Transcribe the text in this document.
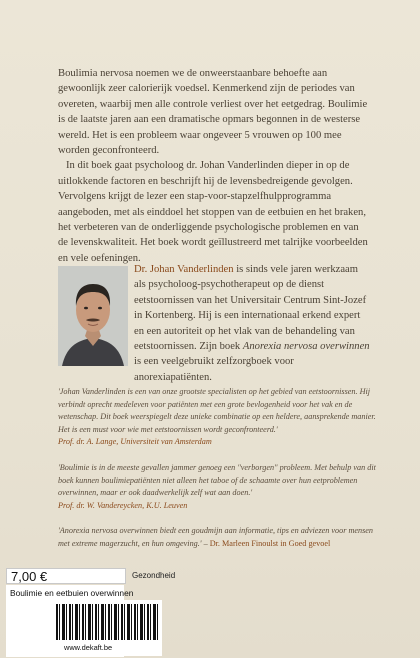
Boulimia nervosa noemen we de onweerstaanbare behoefte aan gewoonlijk zeer calorierijk voedsel. Kenmerkend zijn de periodes van overeten, waarbij men alle controle verliest over het eetgedrag. Boulimie is de laatste jaren aan een dramatische opmars begonnen in de westerse wereld. Het is een probleem waar ongeveer 5 vrouwen op 100 mee worden geconfronteerd.

In dit boek gaat psycholoog dr. Johan Vanderlinden dieper in op de uitlokkende factoren en beschrijft hij de levensbedreigende gevolgen. Vervolgens krijgt de lezer een stap-voor-stapzelfhulpprogramma aangeboden, met als einddoel het stoppen van de eetbuien en het braken, het verbeteren van de onderliggende psychologische problemen en van de levenskwaliteit. Het boek wordt geïllustreerd met talrijke voorbeelden en vele oefeningen.

Dr. Johan Vanderlinden is sinds vele jaren werkzaam als psycholoog-psychotherapeut op de dienst eetstoornissen van het Universitair Centrum Sint-Jozef in Kortenberg. Hij is een internationaal erkend expert en een autoriteit op het vlak van de behandeling van eetstoornissen. Zijn boek Anorexia nervosa overwinnen is een veelgebruikt zelfzorgboek voor anorexiapatiënten.
'Johan Vanderlinden is een van onze grootste specialisten op het gebied van eetstoornissen. Hij verbindt oprecht medeleven voor patiënten met een grote bevlogenheid voor het vak en de wetenschap. Dit boek weerspiegelt deze unieke combinatie op een heldere, aansprekende manier. Het is een must voor wie met eetstoornissen wordt geconfronteerd.'
Prof. dr. A. Lange, Universiteit van Amsterdam
'Boulimie is in de meeste gevallen jammer genoeg een "verborgen" probleem. Met behulp van dit boek kunnen boulimiepatiënten niet alleen het taboe of de schaamte over hun eetproblemen overwinnen, maar er ook daadwerkelijk zelf wat aan doen.'
Prof. dr. W. Vandereycken, K.U. Leuven
'Anorexia nervosa overwinnen biedt een goudmijn aan informatie, tips en adviezen voor mensen met extreme magerzucht, en hun omgeving.' – Dr. Marleen Finoulst in Goed gevoel
7,00 €	Gezondheid
Boulimie en eetbuien overwinnen
www.dekaft.be
